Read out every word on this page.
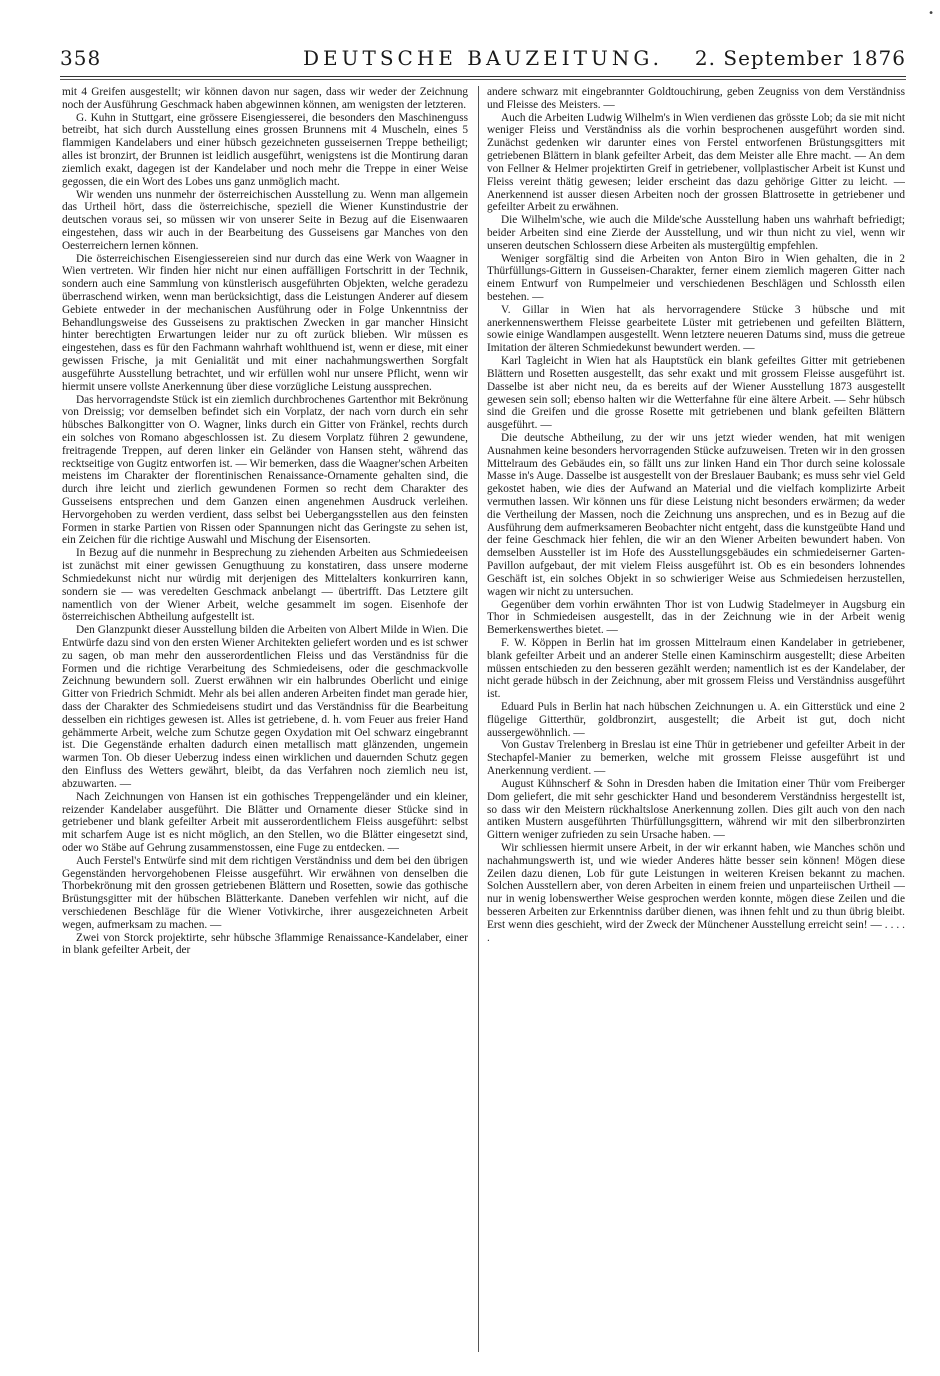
•
358	DEUTSCHE BAUZEITUNG.	2. September 1876

mit 4 Greifen ausgestellt; wir können davon nur sagen, dass wir weder der Zeichnung noch der Ausführung Geschmack haben abgewinnen können, am wenigsten der letzteren.

G. Kuhn in Stuttgart, eine grössere Eisengiesserei, die besonders den Maschinenguss betreibt, hat sich durch Ausstellung eines grossen Brunnens mit 4 Muscheln, eines 5 flammigen Kandelabers und einer hübsch gezeichneten gusseisernen Treppe betheiligt; alles ist bronzirt, der Brunnen ist leidlich ausgeführt, wenigstens ist die Montirung daran ziemlich exakt, dagegen ist der Kandelaber und noch mehr die Treppe in einer Weise gegossen, die ein Wort des Lobes uns ganz unmöglich macht.

Wir wenden uns nunmehr der österreichischen Ausstellung zu. Wenn man allgemein das Urtheil hört, dass die österreichische, speziell die Wiener Kunstindustrie der deutschen voraus sei, so müssen wir von unserer Seite in Bezug auf die Eisenwaaren eingestehen, dass wir auch in der Bearbeitung des Gusseisens gar Manches von den Oesterreichern lernen können.

Die österreichischen Eisengiessereien sind nur durch das eine Werk von Waagner in Wien vertreten. Wir finden hier nicht nur einen auffälligen Fortschritt in der Technik, sondern auch eine Sammlung von künstlerisch ausgeführten Objekten, welche geradezu überraschend wirken, wenn man berücksichtigt, dass die Leistungen Anderer auf diesem Gebiete entweder in der mechanischen Ausführung oder in Folge Unkenntniss der Behandlungsweise des Gusseisens zu praktischen Zwecken in gar mancher Hinsicht hinter berechtigten Erwartungen leider nur zu oft zurück blieben. Wir müssen es eingestehen, dass es für den Fachmann wahrhaft wohlthuend ist, wenn er diese, mit einer gewissen Frische, ja mit Genialität und mit einer nachahmungswerthen Sorgfalt ausgeführte Ausstellung betrachtet, und wir erfüllen wohl nur unsere Pflicht, wenn wir hiermit unsere vollste Anerkennung über diese vorzügliche Leistung aussprechen.

Das hervorragendste Stück ist ein ziemlich durchbrochenes Gartenthor mit Bekrönung von Dreissig; vor demselben befindet sich ein Vorplatz, der nach vorn durch ein sehr hübsches Balkongitter von O. Wagner, links durch ein Gitter von Fränkel, rechts durch ein solches von Romano abgeschlossen ist. Zu diesem Vorplatz führen 2 gewundene, freitragende Treppen, auf deren linker ein Geländer von Hansen steht, während das recktseitige von Gugitz entworfen ist. — Wir bemerken, dass die Waagner'schen Arbeiten meistens im Charakter der florentinischen Renaissance-Ornamente gehalten sind, die durch ihre leicht und zierlich gewundenen Formen so recht dem Charakter des Gusseisens entsprechen und dem Ganzen einen angenehmen Ausdruck verleihen. Hervorgehoben zu werden verdient, dass selbst bei Uebergangsstellen aus den feinsten Formen in starke Partien von Rissen oder Spannungen nicht das Geringste zu sehen ist, ein Zeichen für die richtige Auswahl und Mischung der Eisensorten.

In Bezug auf die nunmehr in Besprechung zu ziehenden Arbeiten aus Schmiedeeisen ist zunächst mit einer gewissen Genugthuung zu konstatiren, dass unsere moderne Schmiedekunst nicht nur würdig mit derjenigen des Mittelalters konkurriren kann, sondern sie — was veredelten Geschmack anbelangt — übertrifft. Das Letztere gilt namentlich von der Wiener Arbeit, welche gesammelt im sogen. Eisenhofe der österreichischen Abtheilung aufgestellt ist.

Den Glanzpunkt dieser Ausstellung bilden die Arbeiten von Albert Milde in Wien. Die Entwürfe dazu sind von den ersten Wiener Architekten geliefert worden und es ist schwer zu sagen, ob man mehr den ausserordentlichen Fleiss und das Verständniss für die Formen und die richtige Verarbeitung des Schmiedeisens, oder die geschmackvolle Zeichnung bewundern soll. Zuerst erwähnen wir ein halbrundes Oberlicht und einige Gitter von Friedrich Schmidt. Mehr als bei allen anderen Arbeiten findet man gerade hier, dass der Charakter des Schmiedeisens studirt und das Verständniss für die Bearbeitung desselben ein richtiges gewesen ist. Alles ist getriebene, d. h. vom Feuer aus freier Hand gehämmerte Arbeit, welche zum Schutze gegen Oxydation mit Oel schwarz eingebrannt ist. Die Gegenstände erhalten dadurch einen metallisch matt glänzenden, ungemein warmen Ton. Ob dieser Ueberzug indess einen wirklichen und dauernden Schutz gegen den Einfluss des Wetters gewährt, bleibt, da das Verfahren noch ziemlich neu ist, abzuwarten. —

Nach Zeichnungen von Hansen ist ein gothisches Treppengeländer und ein kleiner, reizender Kandelaber ausgeführt. Die Blätter und Ornamente dieser Stücke sind in getriebener und blank gefeilter Arbeit mit ausserordentlichem Fleiss ausgeführt: selbst mit scharfem Auge ist es nicht möglich, an den Stellen, wo die Blätter eingesetzt sind, oder wo Stäbe auf Gehrung zusammenstossen, eine Fuge zu entdecken. —

Auch Ferstel's Entwürfe sind mit dem richtigen Verständniss und dem bei den übrigen Gegenständen hervorgehobenen Fleisse ausgeführt. Wir erwähnen von denselben die Thorbekrönung mit den grossen getriebenen Blättern und Rosetten, sowie das gothische Brüstungsgitter mit der hübschen Blätterkante. Daneben verfehlen wir nicht, auf die verschiedenen Beschläge für die Wiener Votivkirche, ihrer ausgezeichneten Arbeit wegen, aufmerksam zu machen. —

Zwei von Storck projektirte, sehr hübsche 3flammige Renaissance-Kandelaber, einer in blank gefeilter Arbeit, der

andere schwarz mit eingebrannter Goldtouchirung, geben Zeugniss von dem Verständniss und Fleisse des Meisters. —

Auch die Arbeiten Ludwig Wilhelm's in Wien verdienen das grösste Lob; da sie mit nicht weniger Fleiss und Verständniss als die vorhin besprochenen ausgeführt worden sind. Zunächst gedenken wir darunter eines von Ferstel entworfenen Brüstungsgitters mit getriebenen Blättern in blank gefeilter Arbeit, das dem Meister alle Ehre macht. — An dem von Fellner & Helmer projektirten Greif in getriebener, vollplastischer Arbeit ist Kunst und Fleiss vereint thätig gewesen; leider erscheint das dazu gehörige Gitter zu leicht. — Anerkennend ist ausser diesen Arbeiten noch der grossen Blattrosette in getriebener und gefeilter Arbeit zu erwähnen.

Die Wilhelm'sche, wie auch die Milde'sche Ausstellung haben uns wahrhaft befriedigt; beider Arbeiten sind eine Zierde der Ausstellung, und wir thun nicht zu viel, wenn wir unseren deutschen Schlossern diese Arbeiten als mustergültig empfehlen.

Weniger sorgfältig sind die Arbeiten von Anton Biro in Wien gehalten, die in 2 Thürfüllungs-Gittern in Gusseisen-Charakter, ferner einem ziemlich mageren Gitter nach einem Entwurf von Rumpelmeier und verschiedenen Beschlägen und Schlossth eilen bestehen. —

V. Gillar in Wien hat als hervorragendere Stücke 3 hübsche und mit anerkennenswerthem Fleisse gearbeitete Lüster mit getriebenen und gefeilten Blättern, sowie einige Wandlampen ausgestellt. Wenn letztere neueren Datums sind, muss die getreue Imitation der älteren Schmiedekunst bewundert werden. —

Karl Tagleicht in Wien hat als Hauptstück ein blank gefeiltes Gitter mit getriebenen Blättern und Rosetten ausgestellt, das sehr exakt und mit grossem Fleisse ausgeführt ist. Dasselbe ist aber nicht neu, da es bereits auf der Wiener Ausstellung 1873 ausgestellt gewesen sein soll; ebenso halten wir die Wetterfahne für eine ältere Arbeit. — Sehr hübsch sind die Greifen und die grosse Rosette mit getriebenen und blank gefeilten Blättern ausgeführt. —

Die deutsche Abtheilung, zu der wir uns jetzt wieder wenden, hat mit wenigen Ausnahmen keine besonders hervorragenden Stücke aufzuweisen. Treten wir in den grossen Mittelraum des Gebäudes ein, so fällt uns zur linken Hand ein Thor durch seine kolossale Masse in's Auge. Dasselbe ist ausgestellt von der Breslauer Baubank; es muss sehr viel Geld gekostet haben, wie dies der Aufwand an Material und die vielfach komplizirte Arbeit vermuthen lassen. Wir können uns für diese Leistung nicht besonders erwärmen; da weder die Vertheilung der Massen, noch die Zeichnung uns ansprechen, und es in Bezug auf die Ausführung dem aufmerksameren Beobachter nicht entgeht, dass die kunstgeübte Hand und der feine Geschmack hier fehlen, die wir an den Wiener Arbeiten bewundert haben. Von demselben Aussteller ist im Hofe des Ausstellungsgebäudes ein schmiedeiserner Garten-Pavillon aufgebaut, der mit vielem Fleiss ausgeführt ist. Ob es ein besonders lohnendes Geschäft ist, ein solches Objekt in so schwieriger Weise aus Schmiedeisen herzustellen, wagen wir nicht zu untersuchen.

Gegenüber dem vorhin erwähnten Thor ist von Ludwig Stadelmeyer in Augsburg ein Thor in Schmiedeisen ausgestellt, das in der Zeichnung wie in der Arbeit wenig Bemerkenswerthes bietet. —

F. W. Köppen in Berlin hat im grossen Mittelraum einen Kandelaber in getriebener, blank gefeilter Arbeit und an anderer Stelle einen Kaminschirm ausgestellt; diese Arbeiten müssen entschieden zu den besseren gezählt werden; namentlich ist es der Kandelaber, der nicht gerade hübsch in der Zeichnung, aber mit grossem Fleiss und Verständniss ausgeführt ist.

Eduard Puls in Berlin hat nach hübschen Zeichnungen u. A. ein Gitterstück und eine 2 flügelige Gitterthür, goldbronzirt, ausgestellt; die Arbeit ist gut, doch nicht aussergewöhnlich. —

Von Gustav Trelenberg in Breslau ist eine Thür in getriebener und gefeilter Arbeit in der Stechapfel-Manier zu bemerken, welche mit grossem Fleisse ausgeführt ist und Anerkennung verdient. —

August Kühnscherf & Sohn in Dresden haben die Imitation einer Thür vom Freiberger Dom geliefert, die mit sehr geschickter Hand und besonderem Verständniss hergestellt ist, so dass wir den Meistern rückhaltslose Anerkennung zollen. Dies gilt auch von den nach antiken Mustern ausgeführten Thürfüllungsgittern, während wir mit den silberbronzirten Gittern weniger zufrieden zu sein Ursache haben. —

Wir schliessen hiermit unsere Arbeit, in der wir erkannt haben, wie Manches schön und nachahmungswerth ist, und wie wieder Anderes hätte besser sein können! Mögen diese Zeilen dazu dienen, Lob für gute Leistungen in weiteren Kreisen bekannt zu machen. Solchen Ausstellern aber, von deren Arbeiten in einem freien und unparteiischen Urtheil — nur in wenig lobenswerther Weise gesprochen werden konnte, mögen diese Zeilen und die besseren Arbeiten zur Erkenntniss darüber dienen, was ihnen fehlt und zu thun übrig bleibt. Erst wenn dies geschieht, wird der Zweck der Münchener Ausstellung erreicht sein! — . . . . .
